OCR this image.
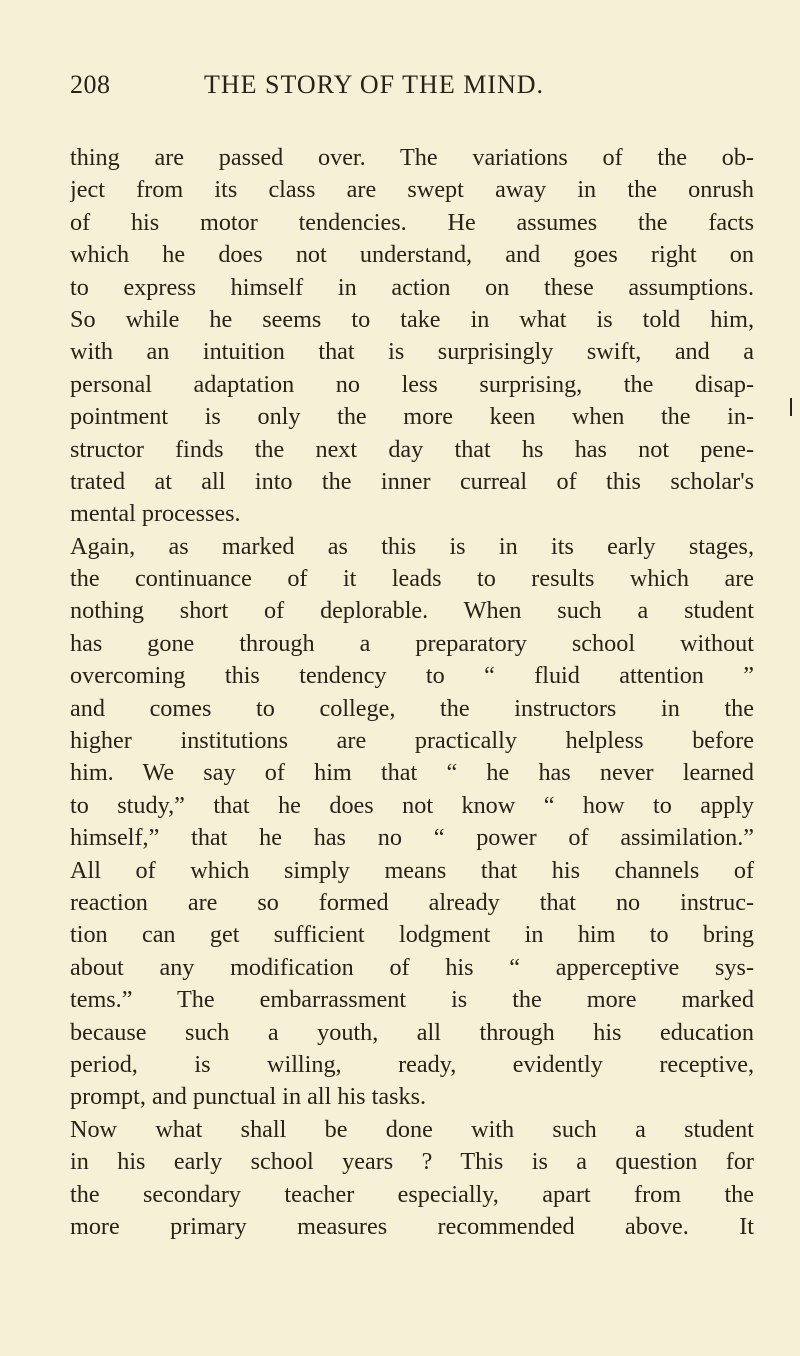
208	THE STORY OF THE MIND.
thing are passed over. The variations of the ob-
ject from its class are swept away in the onrush
of his motor tendencies. He assumes the facts
which he does not understand, and goes right on
to express himself in action on these assumptions.
So while he seems to take in what is told him,
with an intuition that is surprisingly swift, and a
personal adaptation no less surprising, the disap-
pointment is only the more keen when the in-
structor finds the next day that hs has not pene-
trated at all into the inner curreal of this scholar's
mental processes.
Again, as marked as this is in its early stages,
the continuance of it leads to results which are
nothing short of deplorable. When such a student
has gone through a preparatory school without
overcoming this tendency to “ fluid attention ”
and comes to college, the instructors in the
higher institutions are practically helpless before
him. We say of him that “ he has never learned
to study,” that he does not know “ how to apply
himself,” that he has no “ power of assimilation.”
All of which simply means that his channels of
reaction are so formed already that no instruc-
tion can get sufficient lodgment in him to bring
about any modification of his “ apperceptive sys-
tems.” The embarrassment is the more marked
because such a youth, all through his education
period, is willing, ready, evidently receptive,
prompt, and punctual in all his tasks.
Now what shall be done with such a student
in his early school years ? This is a question for
the secondary teacher especially, apart from the
more primary measures recommended above. It
